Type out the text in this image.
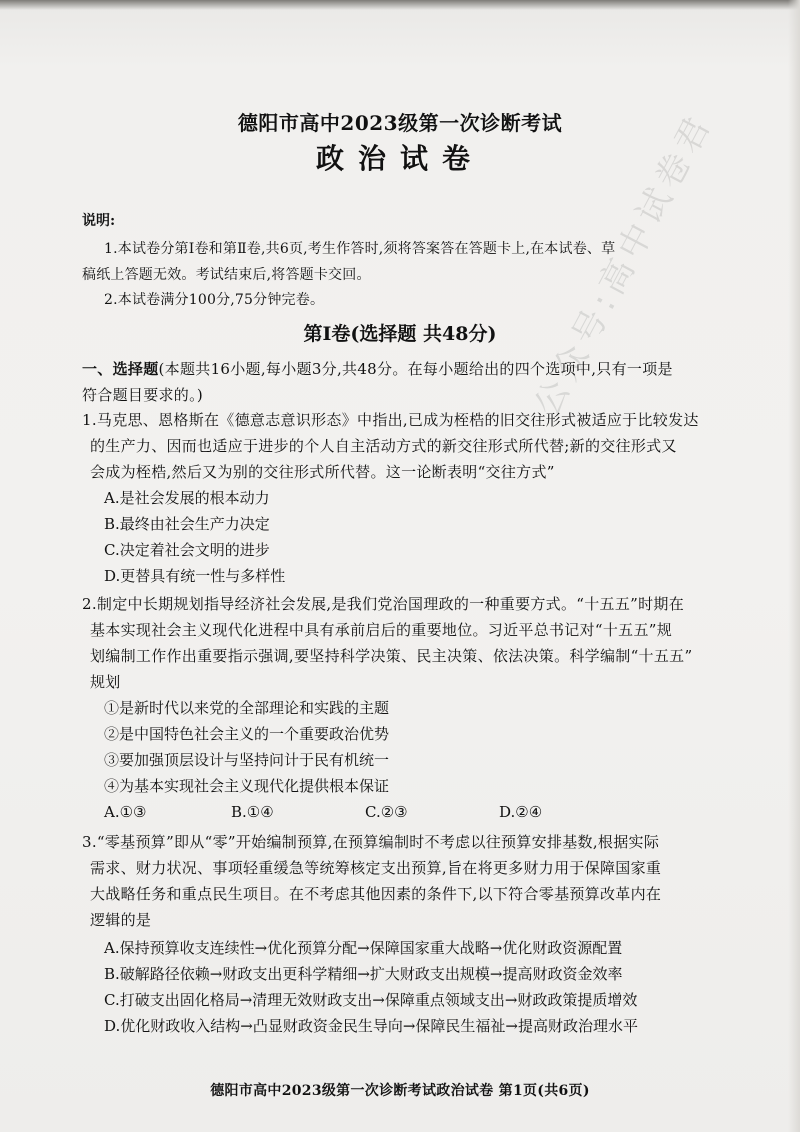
公众号:高中试卷君
德阳市高中2023级第一次诊断考试
政治试卷
说明:
1.本试卷分第Ⅰ卷和第Ⅱ卷,共6页,考生作答时,须将答案答在答题卡上,在本试卷、草
稿纸上答题无效。考试结束后,将答题卡交回。
2.本试卷满分100分,75分钟完卷。
第Ⅰ卷(选择题 共48分)
一、选择题(本题共16小题,每小题3分,共48分。在每小题给出的四个选项中,只有一项是
符合题目要求的。)
1.马克思、恩格斯在《德意志意识形态》中指出,已成为桎梏的旧交往形式被适应于比较发达
的生产力、因而也适应于进步的个人自主活动方式的新交往形式所代替;新的交往形式又
会成为桎梏,然后又为别的交往形式所代替。这一论断表明“交往方式”
A.是社会发展的根本动力
B.最终由社会生产力决定
C.决定着社会文明的进步
D.更替具有统一性与多样性
2.制定中长期规划指导经济社会发展,是我们党治国理政的一种重要方式。“十五五”时期在
基本实现社会主义现代化进程中具有承前启后的重要地位。习近平总书记对“十五五”规
划编制工作作出重要指示强调,要坚持科学决策、民主决策、依法决策。科学编制“十五五”
规划
①是新时代以来党的全部理论和实践的主题
②是中国特色社会主义的一个重要政治优势
③要加强顶层设计与坚持问计于民有机统一
④为基本实现社会主义现代化提供根本保证
A.①③	B.①④	C.②③	D.②④
3.“零基预算”即从“零”开始编制预算,在预算编制时不考虑以往预算安排基数,根据实际
需求、财力状况、事项轻重缓急等统筹核定支出预算,旨在将更多财力用于保障国家重
大战略任务和重点民生项目。在不考虑其他因素的条件下,以下符合零基预算改革内在
逻辑的是
A.保持预算收支连续性→优化预算分配→保障国家重大战略→优化财政资源配置
B.破解路径依赖→财政支出更科学精细→扩大财政支出规模→提高财政资金效率
C.打破支出固化格局→清理无效财政支出→保障重点领域支出→财政政策提质增效
D.优化财政收入结构→凸显财政资金民生导向→保障民生福祉→提高财政治理水平
德阳市高中2023级第一次诊断考试政治试卷 第1页(共6页)
